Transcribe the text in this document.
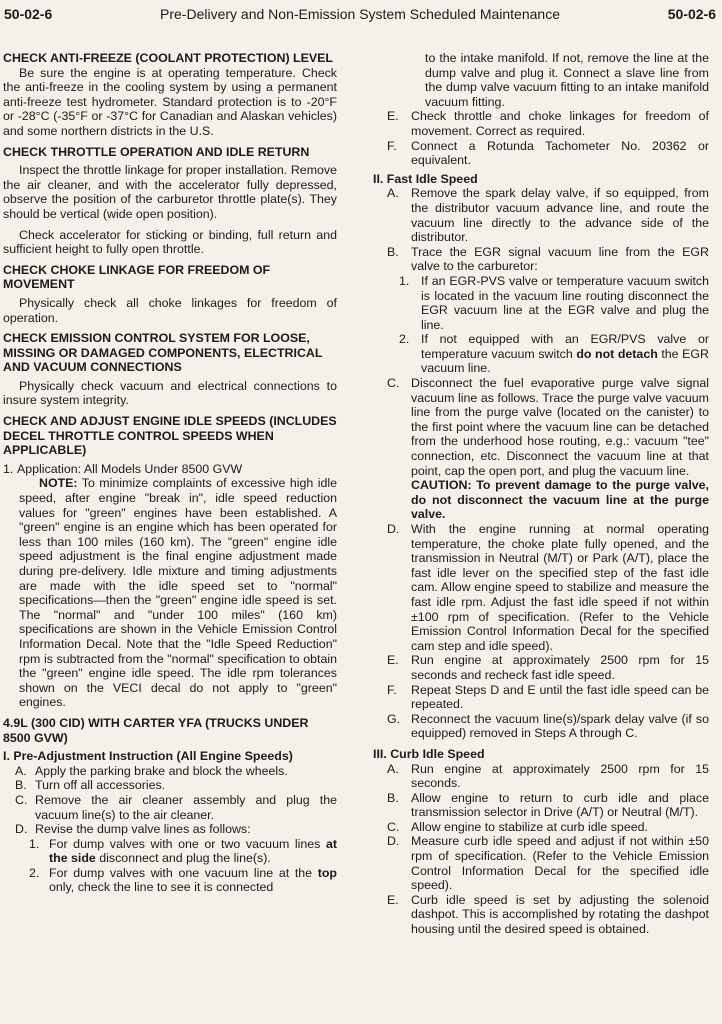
50-02-6	Pre-Delivery and Non-Emission System Scheduled Maintenance	50-02-6
CHECK ANTI-FREEZE (COOLANT PROTECTION) LEVEL

Be sure the engine is at operating temperature. Check the anti-freeze in the cooling system by using a permanent anti-freeze test hydrometer. Standard protection is to -20°F or -28°C (-35°F or -37°C for Canadian and Alaskan vehicles) and some northern districts in the U.S.

CHECK THROTTLE OPERATION AND IDLE RETURN

Inspect the throttle linkage for proper installation. Remove the air cleaner, and with the accelerator fully depressed, observe the position of the carburetor throttle plate(s). They should be vertical (wide open position).

Check accelerator for sticking or binding, full return and sufficient height to fully open throttle.

CHECK CHOKE LINKAGE FOR FREEDOM OF MOVEMENT

Physically check all choke linkages for freedom of operation.

CHECK EMISSION CONTROL SYSTEM FOR LOOSE, MISSING OR DAMAGED COMPONENTS, ELECTRICAL AND VACUUM CONNECTIONS

Physically check vacuum and electrical connections to insure system integrity.

CHECK AND ADJUST ENGINE IDLE SPEEDS (INCLUDES DECEL THROTTLE CONTROL SPEEDS WHEN APPLICABLE)
1. Application: All Models Under 8500 GVW

NOTE: To minimize complaints of excessive high idle speed, after engine "break in", idle speed reduction values for "green" engines have been established. A "green" engine is an engine which has been operated for less than 100 miles (160 km). The "green" engine idle speed adjustment is the final engine adjustment made during pre-delivery. Idle mixture and timing adjustments are made with the idle speed set to "normal" specifications—then the "green" engine idle speed is set. The "normal" and "under 100 miles" (160 km) specifications are shown in the Vehicle Emission Control Information Decal. Note that the "Idle Speed Reduction" rpm is subtracted from the "normal" specification to obtain the "green" engine idle speed. The idle rpm tolerances shown on the VECI decal do not apply to "green" engines.

4.9L (300 CID) WITH CARTER YFA (TRUCKS UNDER 8500 GVW)
I. Pre-Adjustment Instruction (All Engine Speeds)
A. Apply the parking brake and block the wheels.
B. Turn off all accessories.
C. Remove the air cleaner assembly and plug the vacuum line(s) to the air cleaner.
D. Revise the dump valve lines as follows:
1. For dump valves with one or two vacuum lines at the side disconnect and plug the line(s).
2. For dump valves with one vacuum line at the top only, check the line to see it is connected

to the intake manifold. If not, remove the line at the dump valve and plug it. Connect a slave line from the dump valve vacuum fitting to an intake manifold vacuum fitting.

E. Check throttle and choke linkages for freedom of movement. Correct as required.
F.	Connect a Rotunda Tachometer No. 20362 or equivalent.
II. Fast Idle Speed
A. Remove the spark delay valve, if so equipped, from the distributor vacuum advance line, and route the vacuum line directly to the advance side of the distributor.
B. Trace the EGR signal vacuum line from the EGR valve to the carburetor:
1. If an EGR-PVS valve or temperature vacuum switch is located in the vacuum line routing disconnect the EGR vacuum line at the EGR valve and plug the line.
2. If not equipped with an EGR/PVS valve or temperature vacuum switch do not detach the EGR vacuum line.
C. Disconnect the fuel evaporative purge valve signal vacuum line as follows. Trace the purge valve vacuum line from the purge valve (located on the canister) to the first point where the vacuum line can be detached from the underhood hose routing, e.g.: vacuum "tee" connection, etc. Disconnect the vacuum line at that point, cap the open port, and plug the vacuum line.

CAUTION: To prevent damage to the purge valve, do not disconnect the vacuum line at the purge valve.

D. With the engine running at normal operating temperature, the choke plate fully opened, and the transmission in Neutral (M/T) or Park (A/T), place the fast idle lever on the specified step of the fast idle cam. Allow engine speed to stabilize and measure the fast idle rpm. Adjust the fast idle speed if not within ±100 rpm of specification. (Refer to the Vehicle Emission Control Information Decal for the specified cam step and idle speed).
E. Run engine at approximately 2500 rpm for 15 seconds and recheck fast idle speed.
F.	Repeat Steps D and E until the fast idle speed can be repeated.
G. Reconnect the vacuum line(s)/spark delay valve (if so equipped) removed in Steps A through C.
III. Curb Idle Speed
A. Run engine at approximately 2500 rpm for 15 seconds.
B. Allow engine to return to curb idle and place transmission selector in Drive (A/T) or Neutral (M/T).
C. Allow engine to stabilize at curb idle speed.
D. Measure curb idle speed and adjust if not within ±50 rpm of specification. (Refer to the Vehicle Emission Control Information Decal for the specified idle speed).
E. Curb idle speed is set by adjusting the solenoid dashpot. This is accomplished by rotating the dashpot housing until the desired speed is obtained.
